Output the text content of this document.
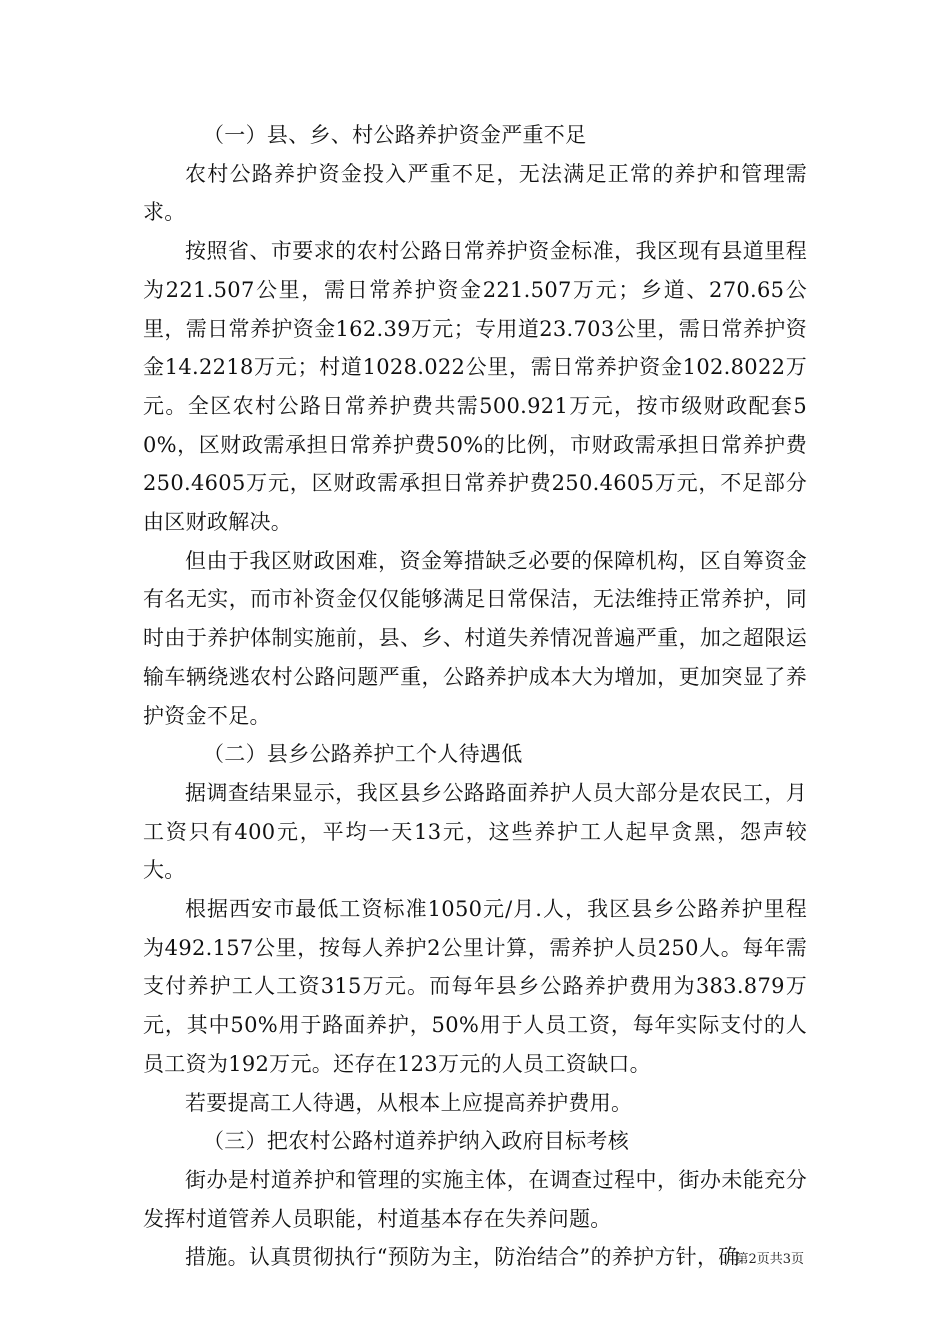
（一）县、乡、村公路养护资金严重不足

农村公路养护资金投入严重不足，无法满足正常的养护和管理需求。

按照省、市要求的农村公路日常养护资金标准，我区现有县道里程为221.507公里，需日常养护资金221.507万元；乡道、270.65公里，需日常养护资金162.39万元；专用道23.703公里，需日常养护资金14.2218万元；村道1028.022公里，需日常养护资金102.8022万元。全区农村公路日常养护费共需500.921万元，按市级财政配套50%，区财政需承担日常养护费50%的比例，市财政需承担日常养护费250.4605万元，区财政需承担日常养护费250.4605万元，不足部分由区财政解决。

但由于我区财政困难，资金筹措缺乏必要的保障机构，区自筹资金有名无实，而市补资金仅仅能够满足日常保洁，无法维持正常养护，同时由于养护体制实施前，县、乡、村道失养情况普遍严重，加之超限运输车辆绕逃农村公路问题严重，公路养护成本大为增加，更加突显了养护资金不足。

（二）县乡公路养护工个人待遇低

据调查结果显示，我区县乡公路路面养护人员大部分是农民工，月工资只有400元，平均一天13元，这些养护工人起早贪黑，怨声较大。

根据西安市最低工资标准1050元/月.人，我区县乡公路养护里程为492.157公里，按每人养护2公里计算，需养护人员250人。每年需支付养护工人工资315万元。而每年县乡公路养护费用为383.879万元，其中50%用于路面养护，50%用于人员工资，每年实际支付的人员工资为192万元。还存在123万元的人员工资缺口。

若要提高工人待遇，从根本上应提高养护费用。

（三）把农村公路村道养护纳入政府目标考核

街办是村道养护和管理的实施主体，在调查过程中，街办未能充分发挥村道管养人员职能，村道基本存在失养问题。

措施。认真贯彻执行“预防为主，防治结合”的养护方针，确

第2页共3页
